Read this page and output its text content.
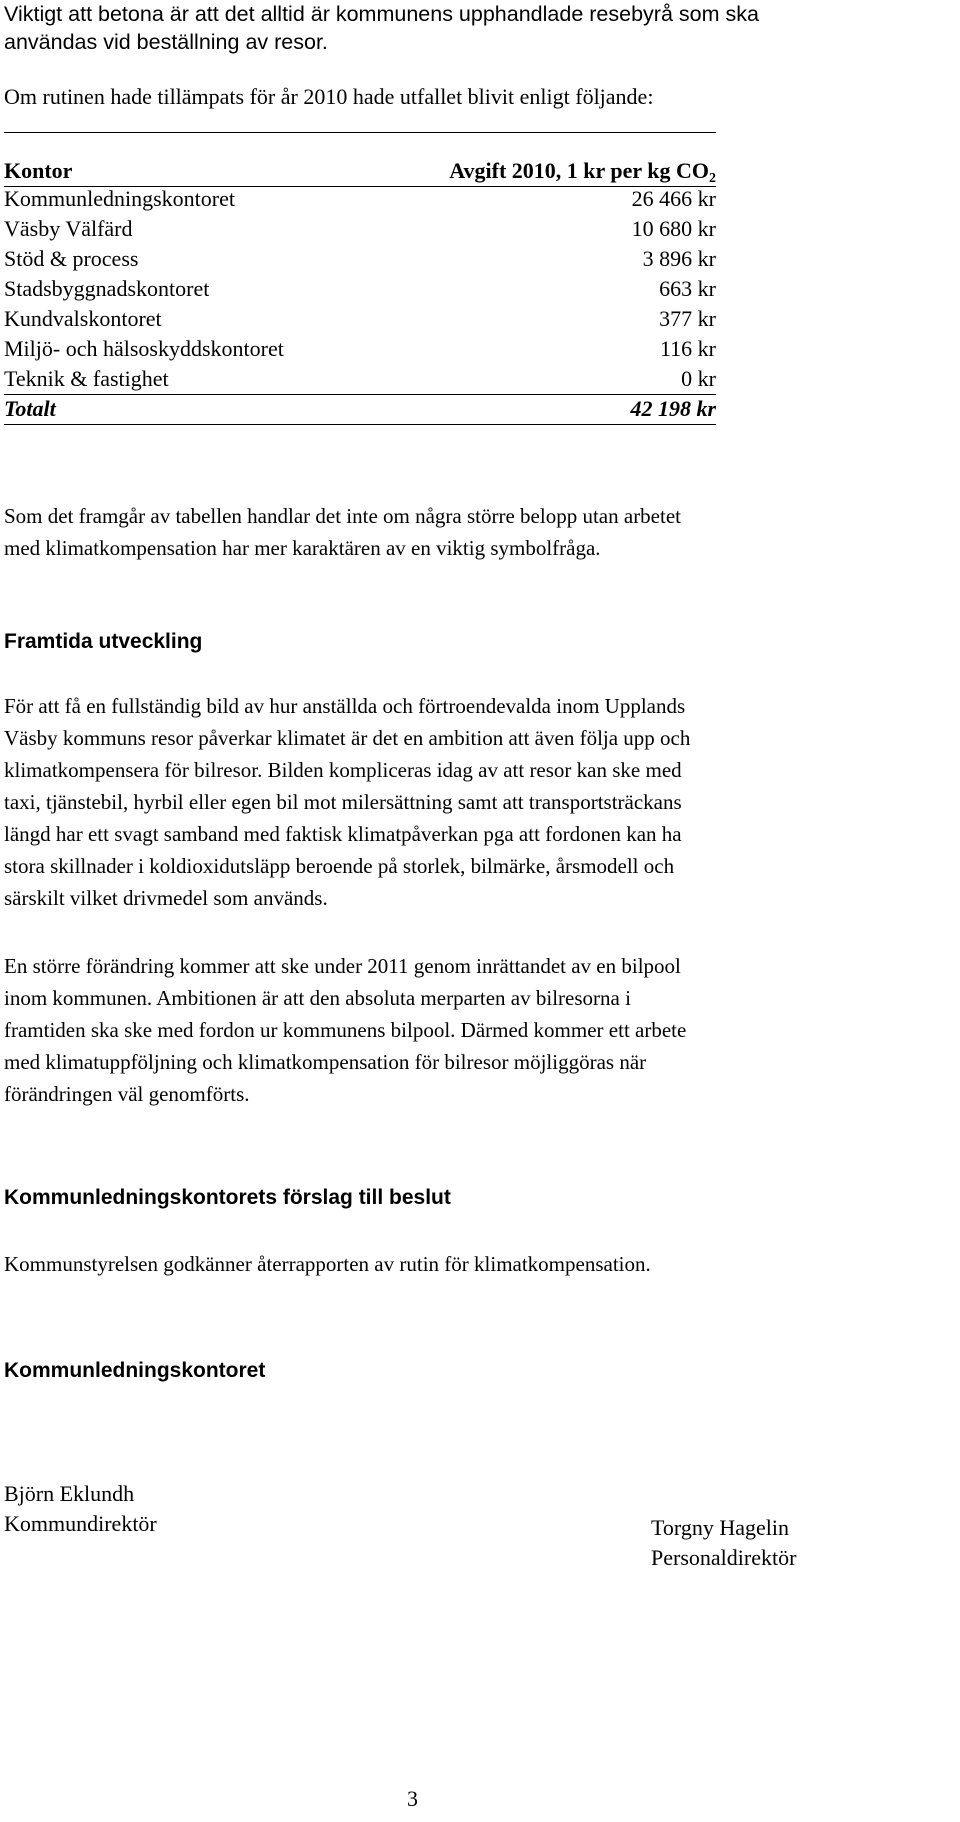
Viktigt att betona är att det alltid är kommunens upphandlade resebyrå som ska
användas vid beställning av resor.
Om rutinen hade tillämpats för år 2010 hade utfallet blivit enligt följande:
Kontor	Avgift 2010, 1 kr per kg $CO_2$
Kommunledningskontoret	26 466 kr
Väsby Välfärd	10 680 kr
Stöd & process	3 896 kr
Stadsbyggnadskontoret	663 kr
Kundvalskontoret	377 kr
Miljö- och hälsoskyddskontoret	116 kr
Teknik & fastighet	0 kr
Totalt	42 198 kr
Som det framgår av tabellen handlar det inte om några större belopp utan arbetet
med klimatkompensation har mer karaktären av en viktig symbolfråga.
Framtida utveckling
För att få en fullständig bild av hur anställda och förtroendevalda inom Upplands
Väsby kommuns resor påverkar klimatet är det en ambition att även följa upp och
klimatkompensera för bilresor. Bilden kompliceras idag av att resor kan ske med
taxi, tjänstebil, hyrbil eller egen bil mot milersättning samt att transportsträckans
längd har ett svagt samband med faktisk klimatpåverkan pga att fordonen kan ha
stora skillnader i koldioxidutsläpp beroende på storlek, bilmärke, årsmodell och
särskilt vilket drivmedel som används.
En större förändring kommer att ske under 2011 genom inrättandet av en bilpool
inom kommunen. Ambitionen är att den absoluta merparten av bilresorna i
framtiden ska ske med fordon ur kommunens bilpool. Därmed kommer ett arbete
med klimatuppföljning och klimatkompensation för bilresor möjliggöras när
förändringen väl genomförts.
Kommunledningskontorets förslag till beslut
Kommunstyrelsen godkänner återrapporten av rutin för klimatkompensation.
Kommunledningskontoret
Björn Eklundh
Kommundirektör	Torgny Hagelin
Personaldirektör
3
